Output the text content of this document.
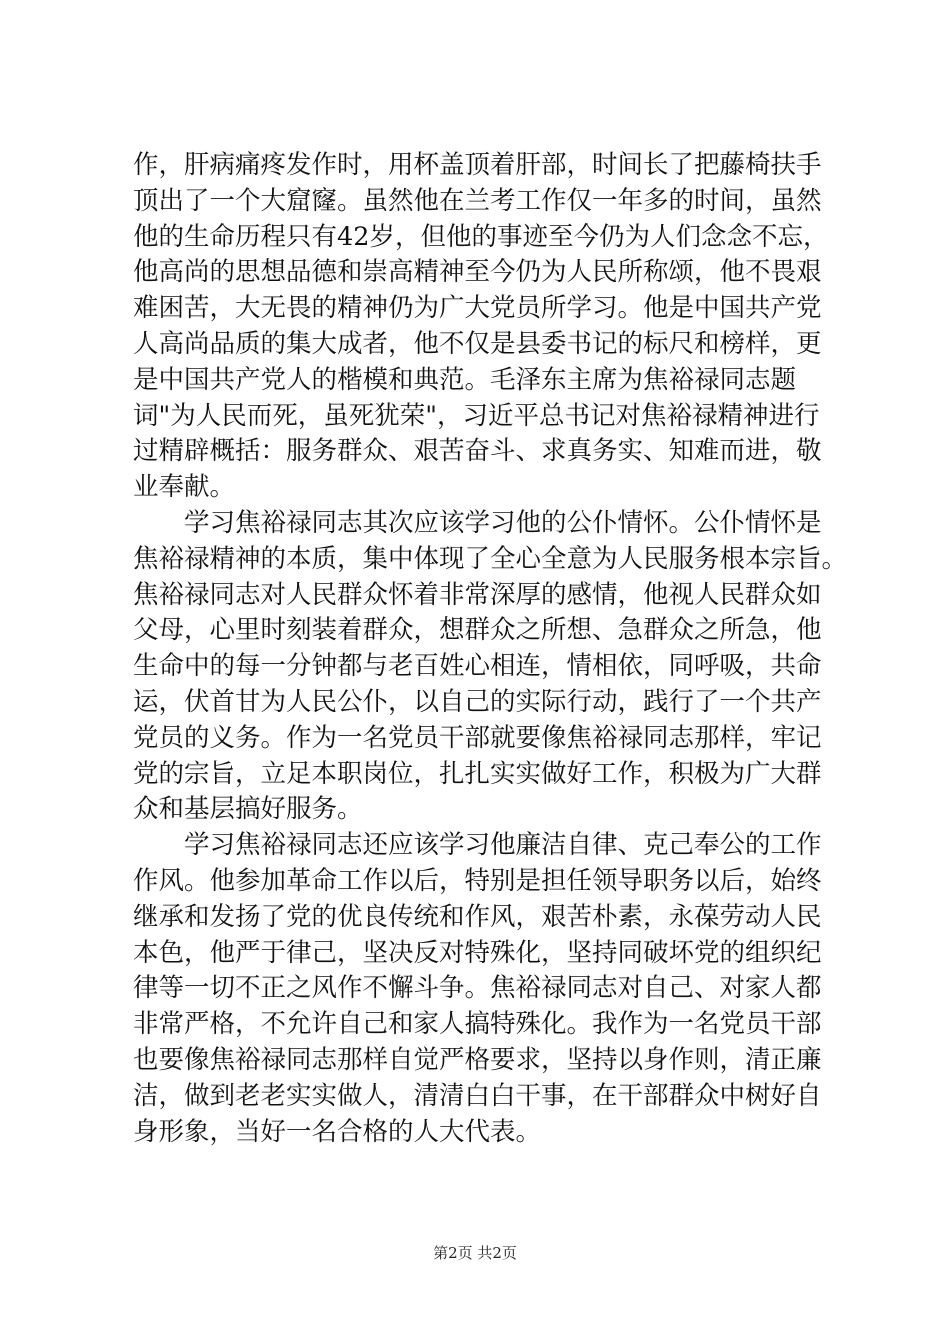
作，肝病痛疼发作时，用杯盖顶着肝部，时间长了把藤椅扶手
顶出了一个大窟窿。虽然他在兰考工作仅一年多的时间，虽然
他的生命历程只有42岁，但他的事迹至今仍为人们念念不忘，
他高尚的思想品德和崇高精神至今仍为人民所称颂，他不畏艰
难困苦，大无畏的精神仍为广大党员所学习。他是中国共产党
人高尚品质的集大成者，他不仅是县委书记的标尺和榜样，更
是中国共产党人的楷模和典范。毛泽东主席为焦裕禄同志题
词"为人民而死，虽死犹荣"，习近平总书记对焦裕禄精神进行
过精辟概括：服务群众、艰苦奋斗、求真务实、知难而进，敬
业奉献。
　　学习焦裕禄同志其次应该学习他的公仆情怀。公仆情怀是
焦裕禄精神的本质，集中体现了全心全意为人民服务根本宗旨。
焦裕禄同志对人民群众怀着非常深厚的感情，他视人民群众如
父母，心里时刻装着群众，想群众之所想、急群众之所急，他
生命中的每一分钟都与老百姓心相连，情相依，同呼吸，共命
运，伏首甘为人民公仆，以自己的实际行动，践行了一个共产
党员的义务。作为一名党员干部就要像焦裕禄同志那样，牢记
党的宗旨，立足本职岗位，扎扎实实做好工作，积极为广大群
众和基层搞好服务。
　　学习焦裕禄同志还应该学习他廉洁自律、克己奉公的工作
作风。他参加革命工作以后，特别是担任领导职务以后，始终
继承和发扬了党的优良传统和作风，艰苦朴素，永葆劳动人民
本色，他严于律己，坚决反对特殊化，坚持同破坏党的组织纪
律等一切不正之风作不懈斗争。焦裕禄同志对自己、对家人都
非常严格，不允许自己和家人搞特殊化。我作为一名党员干部
也要像焦裕禄同志那样自觉严格要求，坚持以身作则，清正廉
洁，做到老老实实做人，清清白白干事，在干部群众中树好自
身形象，当好一名合格的人大代表。
第2页 共2页
